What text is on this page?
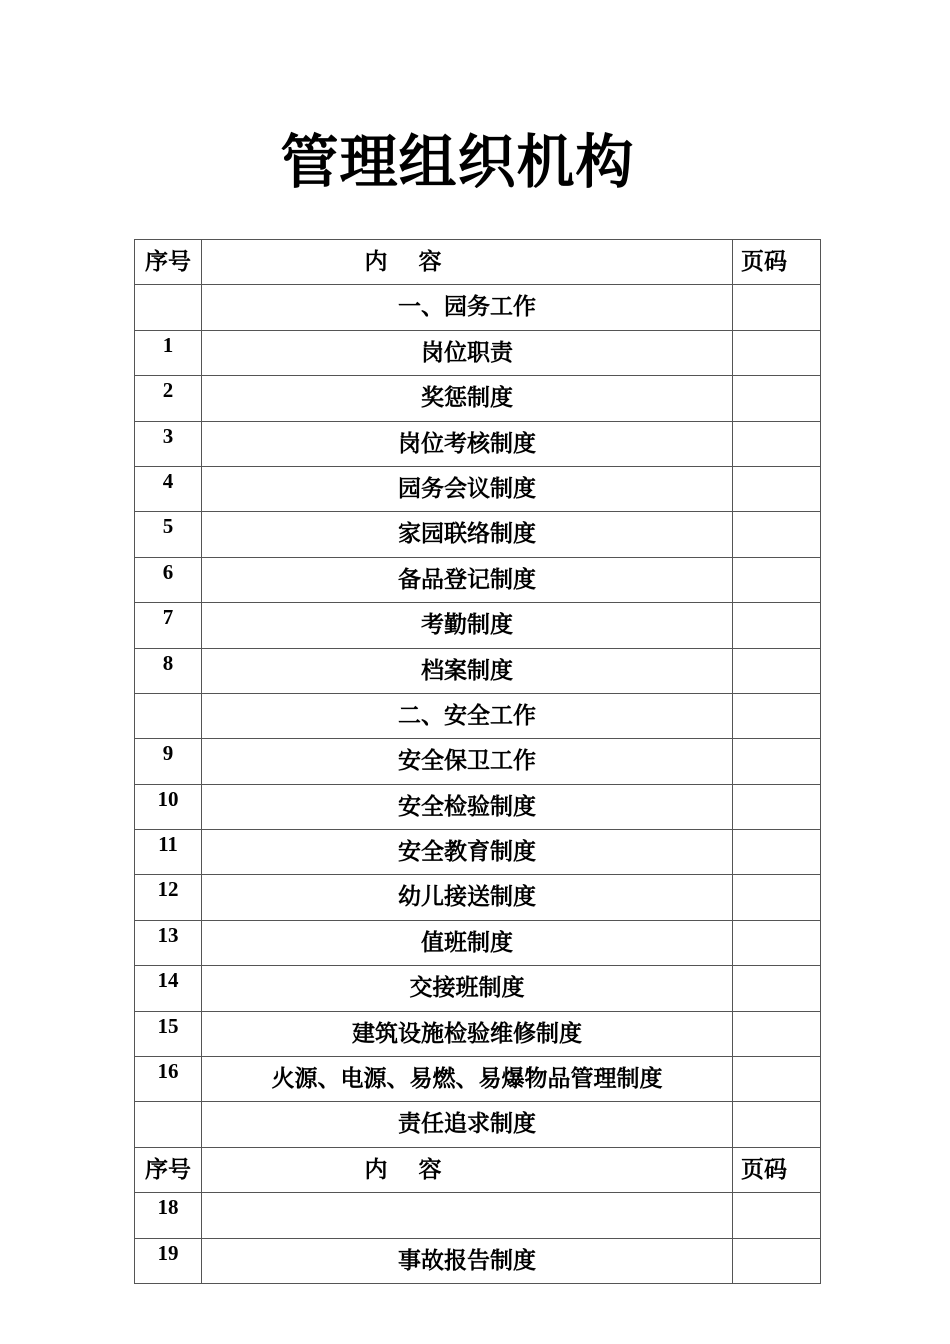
管理组织机构
序号	内　 容	页码

	一、园务工作	

1	岗位职责	

2	奖惩制度	

3	岗位考核制度	

4	园务会议制度	

5	家园联络制度	

6	备品登记制度	

7	考勤制度	

8	档案制度	

	二、安全工作	

9	安全保卫工作	

10	安全检验制度	

11	安全教育制度	

12	幼儿接送制度	

13	值班制度	

14	交接班制度	

15	建筑设施检验维修制度	

16	火源、电源、易燃、易爆物品管理制度	

	责任追求制度	

序号	内　 容	页码

18		

19	事故报告制度	
